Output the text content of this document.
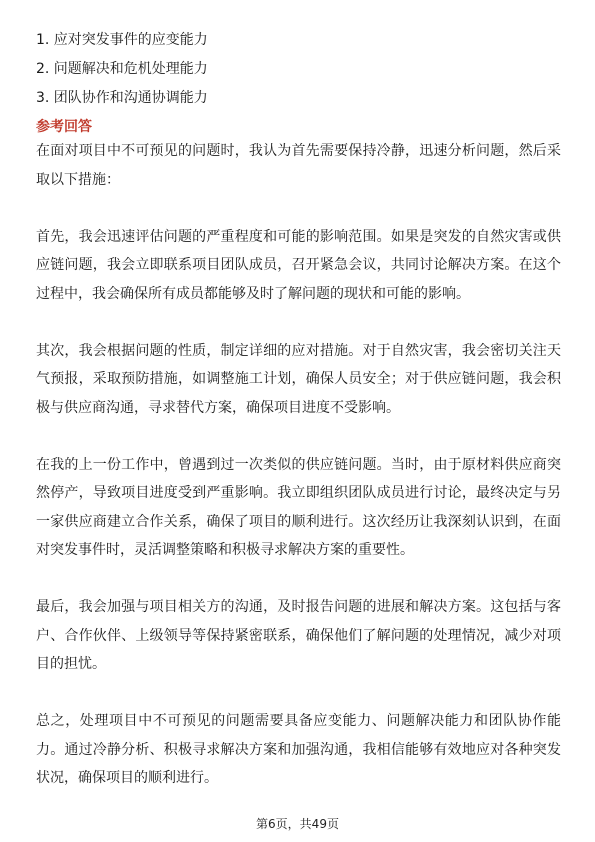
1. 应对突发事件的应变能力
2. 问题解决和危机处理能力
3. 团队协作和沟通协调能力
参考回答

在面对项目中不可预见的问题时，我认为首先需要保持冷静，迅速分析问题，然后采取以下措施：

首先，我会迅速评估问题的严重程度和可能的影响范围。如果是突发的自然灾害或供应链问题，我会立即联系项目团队成员，召开紧急会议，共同讨论解决方案。在这个过程中，我会确保所有成员都能够及时了解问题的现状和可能的影响。

其次，我会根据问题的性质，制定详细的应对措施。对于自然灾害，我会密切关注天气预报，采取预防措施，如调整施工计划，确保人员安全；对于供应链问题，我会积极与供应商沟通，寻求替代方案，确保项目进度不受影响。

在我的上一份工作中，曾遇到过一次类似的供应链问题。当时，由于原材料供应商突然停产，导致项目进度受到严重影响。我立即组织团队成员进行讨论，最终决定与另一家供应商建立合作关系，确保了项目的顺利进行。这次经历让我深刻认识到，在面对突发事件时，灵活调整策略和积极寻求解决方案的重要性。

最后，我会加强与项目相关方的沟通，及时报告问题的进展和解决方案。这包括与客户、合作伙伴、上级领导等保持紧密联系，确保他们了解问题的处理情况，减少对项目的担忧。

总之，处理项目中不可预见的问题需要具备应变能力、问题解决能力和团队协作能力。通过冷静分析、积极寻求解决方案和加强沟通，我相信能够有效地应对各种突发状况，确保项目的顺利进行。

第6页，共49页
